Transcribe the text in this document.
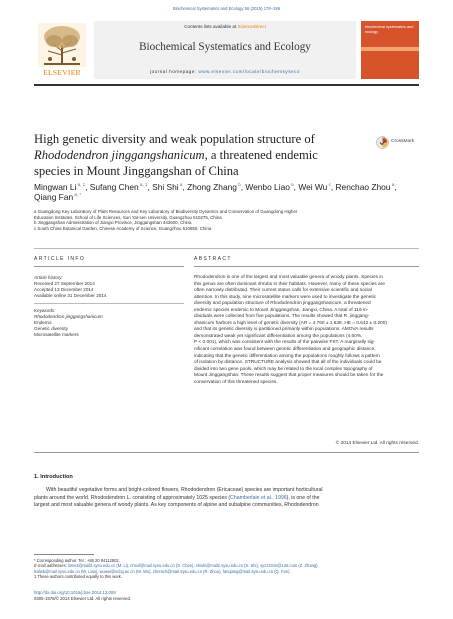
Biochemical Systematics and Ecology 58 (2015) 178–186
ELSEVIER
Contents lists available at ScienceDirect
Biochemical Systematics and Ecology
journal homepage: www.elsevier.com/locate/biochemsyseco
biochemical systematics and ecology
High genetic diversity and weak population structure of
Rhododendron jinggangshanicum, a threatened endemic
species in Mount Jinggangshan of China
CrossMark
Mingwan Li $^{a, 1}$, Sufang Chen $^{a, 1}$, Shi Shi $^a$, Zhong Zhang $^b$, Wenbo Liao $^a$, Wei Wu $^c$, Renchao Zhou $^a$, Qiang Fan $^{a, *}$
a Guangdong Key Laboratory of Plant Resources and Key Laboratory of Biodiversity Dynamics and Conservation of Guangdong Higher
Education Institutes, School of Life Sciences, Sun Yat-sen University, Guangzhou 510275, China
b Jinggangshan Administration of Jiangxi Province, Jinggangshan 343600, China
c South China Botanical Garden, Chinese Academy of Science, Guangzhou 510650, China
ARTICLE INFO	ABSTRACT
Article history:
Received 27 September 2014
Accepted 13 December 2014
Available online 31 December 2014
Keywords:
Rhododendron jinggangshanicum
Endemic
Genetic diversity
Microsatellite markers
Rhododendron is one of the largest and most valuable genera of woody plants. Species in
this genus are often dominant shrubs in their habitats. However, many of these species are
often narrowly distributed. Their current status calls for extensive scientific and social
attention. In this study, nine microsatellite markers were used to investigate the genetic
diversity and population structure of Rhododendron jinggangshanicum, a threatened
endemic species endemic to Mount Jinggangshan, Jiangxi, China. A total of 119 in-
dividuals were collected from five populations. The results showed that R. jinggang-
shanicum harbors a high level of genetic diversity (AR = 4.760 ± 1.638, HE = 0.642 ± 0.200)
and that its genetic diversity is partitioned primarily within populations. AMOVA results
demonstrated weak yet significant differentiation among the populations (4.60%,
P < 0.001), which was consistent with the results of the pairwise FST. A marginally sig-
nificant correlation was found between genetic differentiation and geographic distance,
indicating that the genetic differentiation among the populations roughly follows a pattern
of isolation by distance. STRUCTURE analysis showed that all of the individuals could be
divided into two gene pools, which may be related to the local complex topography of
Mount Jinggangshan. These results suggest that proper measures should be taken for the
conservation of this threatened species.
© 2014 Elsevier Ltd. All rights reserved.
1. Introduction
With beautiful vegetative forms and bright-colored flowers, Rhododendron (Ericaceae) species are important horticultural
plants around the world. Rhododendron L. consisting of approximately 1025 species (Chamberlain et al., 1996), is one of the
largest and most valuable genera of woody plants. As key components of alpine and subalpine communities, Rhododendron
* Corresponding author. Tel.: +86 20 84112802.
E-mail addresses: limw3@mail2.sysu.edu.cn (M. Li), chsuf@mail.sysu.edu.cn (S. Chen), shishi@mail2.sysu.edu.cn (S. Shi), syzz2010@126.com (Z. Zhang),
lsslwb@mail.sysu.edu.cn (W. Liao), wuwei@scbg.ac.cn (W. Wu), zhrench@mail.sysu.edu.cn (R. Zhou), fanqiang@mail.sysu.edu.cn (Q. Fan).
1 These authors contributed equally to this work.
http://dx.doi.org/10.1016/j.bse.2014.12.008
0305-1978/© 2014 Elsevier Ltd. All rights reserved.
